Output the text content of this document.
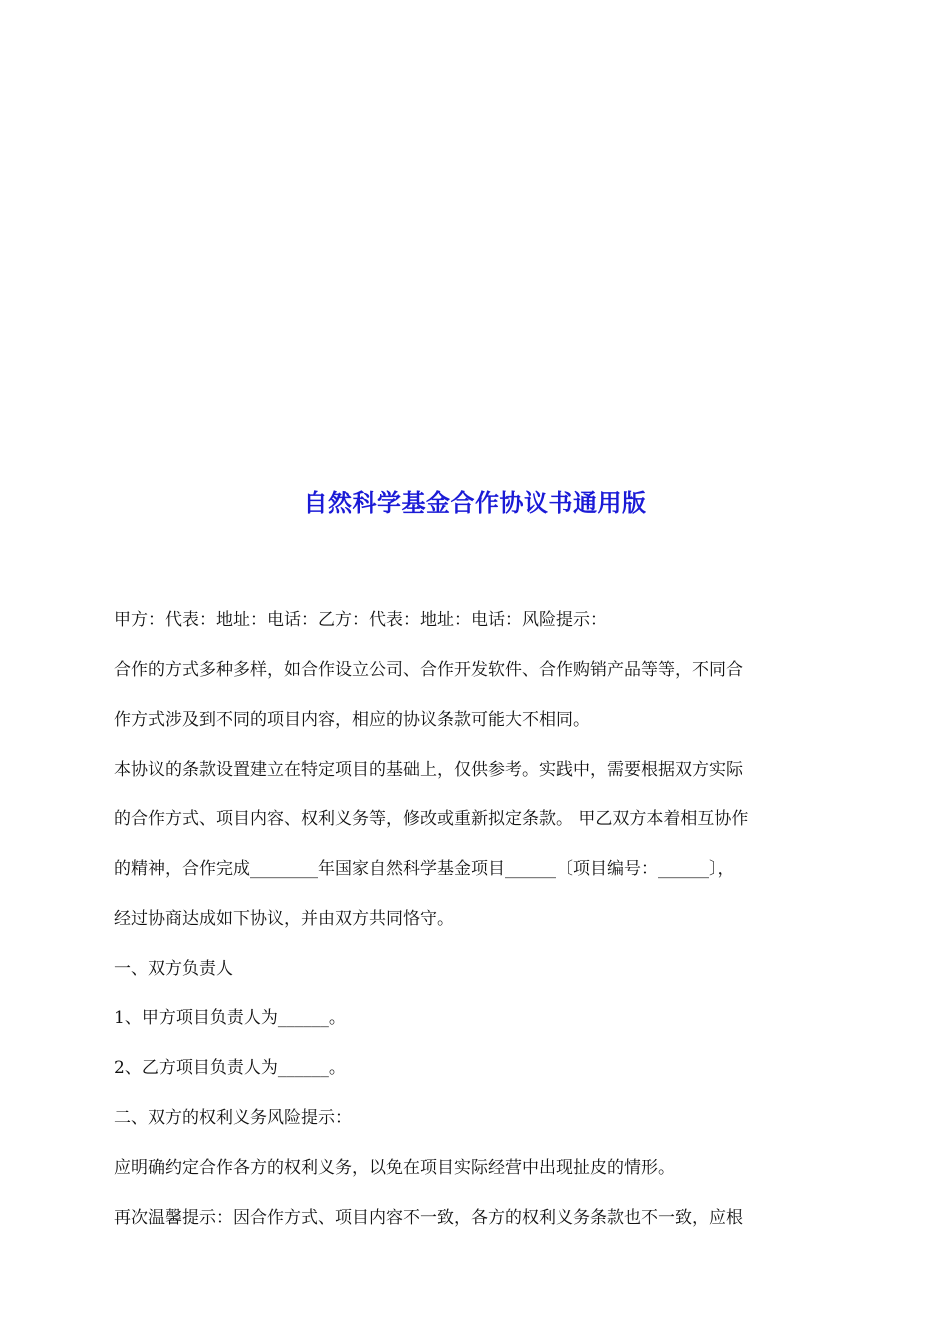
自然科学基金合作协议书通用版
甲方：代表：地址：电话：乙方：代表：地址：电话：风险提示：
合作的方式多种多样，如合作设立公司、合作开发软件、合作购销产品等等，不同合
作方式涉及到不同的项目内容，相应的协议条款可能大不相同。
本协议的条款设置建立在特定项目的基础上，仅供参考。实践中，需要根据双方实际
的合作方式、项目内容、权利义务等，修改或重新拟定条款。 甲乙双方本着相互协作
的精神，合作完成________年国家自然科学基金项目______〔项目编号：______〕，
经过协商达成如下协议，并由双方共同恪守。
一、双方负责人
1、甲方项目负责人为______。
2、乙方项目负责人为______。
二、双方的权利义务风险提示：
应明确约定合作各方的权利义务，以免在项目实际经营中出现扯皮的情形。
再次温馨提示：因合作方式、项目内容不一致，各方的权利义务条款也不一致，应根
